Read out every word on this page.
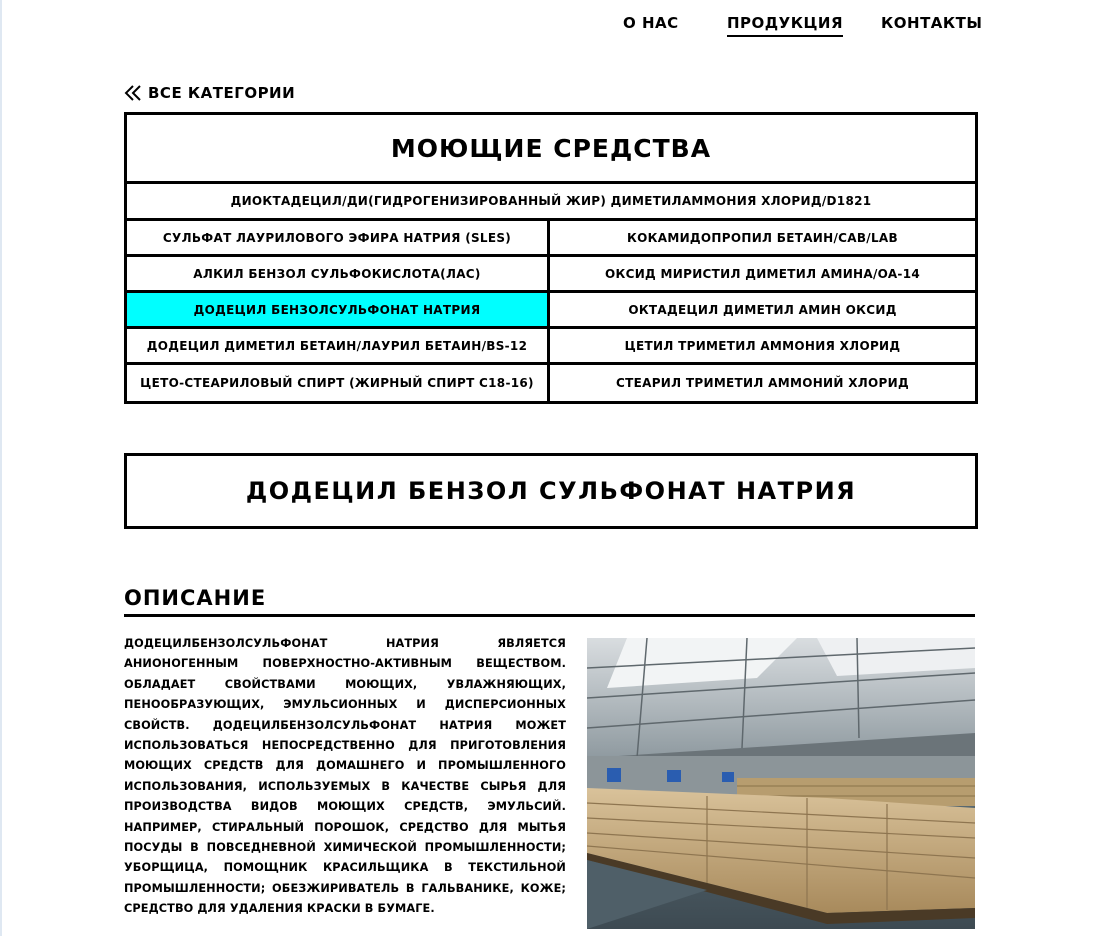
О НАС	ПРОДУКЦИЯ	КОНТАКТЫ
ВСЕ КАТЕГОРИИ
МОЮЩИЕ СРЕДСТВА
ДИОКТАДЕЦИЛ/ДИ(ГИДРОГЕНИЗИРОВАННЫЙ ЖИР) ДИМЕТИЛАММОНИЯ ХЛОРИД/D1821
СУЛЬФАТ ЛАУРИЛОВОГО ЭФИРА НАТРИЯ (SLES)	КОКАМИДОПРОПИЛ БЕТАИН/CAB/LAB
АЛКИЛ БЕНЗОЛ СУЛЬФОКИСЛОТА(ЛАС)	ОКСИД МИРИСТИЛ ДИМЕТИЛ АМИНА/OA-14
ДОДЕЦИЛ БЕНЗОЛСУЛЬФОНАТ НАТРИЯ	ОКТАДЕЦИЛ ДИМЕТИЛ АМИН ОКСИД
ДОДЕЦИЛ ДИМЕТИЛ БЕТАИН/ЛАУРИЛ БЕТАИН/BS-12	ЦЕТИЛ ТРИМЕТИЛ АММОНИЯ ХЛОРИД
ЦЕТО-СТЕАРИЛОВЫЙ СПИРТ (ЖИРНЫЙ СПИРТ С18-16)	СТЕАРИЛ ТРИМЕТИЛ АММОНИЙ ХЛОРИД
ДОДЕЦИЛ БЕНЗОЛ СУЛЬФОНАТ НАТРИЯ
ОПИСАНИЕ
ДОДЕЦИЛБЕНЗОЛСУЛЬФОНАТ НАТРИЯ ЯВЛЯЕТСЯ АНИОНОГЕННЫМ ПОВЕРХНОСТНО-АКТИВНЫМ ВЕЩЕСТВОМ. ОБЛАДАЕТ СВОЙСТВАМИ МОЮЩИХ, УВЛАЖНЯЮЩИХ, ПЕНООБРАЗУЮЩИХ, ЭМУЛЬСИОННЫХ И ДИСПЕРСИОННЫХ СВОЙСТВ. ДОДЕЦИЛБЕНЗОЛСУЛЬФОНАТ НАТРИЯ МОЖЕТ ИСПОЛЬЗОВАТЬСЯ НЕПОСРЕДСТВЕННО ДЛЯ ПРИГОТОВЛЕНИЯ МОЮЩИХ СРЕДСТВ ДЛЯ ДОМАШНЕГО И ПРОМЫШЛЕННОГО ИСПОЛЬЗОВАНИЯ, ИСПОЛЬЗУЕМЫХ В КАЧЕСТВЕ СЫРЬЯ ДЛЯ ПРОИЗВОДСТВА ВИДОВ МОЮЩИХ СРЕДСТВ, ЭМУЛЬСИЙ. НАПРИМЕР, СТИРАЛЬНЫЙ ПОРОШОК, СРЕДСТВО ДЛЯ МЫТЬЯ ПОСУДЫ В ПОВСЕДНЕВНОЙ ХИМИЧЕСКОЙ ПРОМЫШЛЕННОСТИ; УБОРЩИЦА, ПОМОЩНИК КРАСИЛЬЩИКА В ТЕКСТИЛЬНОЙ ПРОМЫШЛЕННОСТИ; ОБЕЗЖИРИВАТЕЛЬ В ГАЛЬВАНИКЕ, КОЖЕ; СРЕДСТВО ДЛЯ УДАЛЕНИЯ КРАСКИ В БУМАГЕ.
